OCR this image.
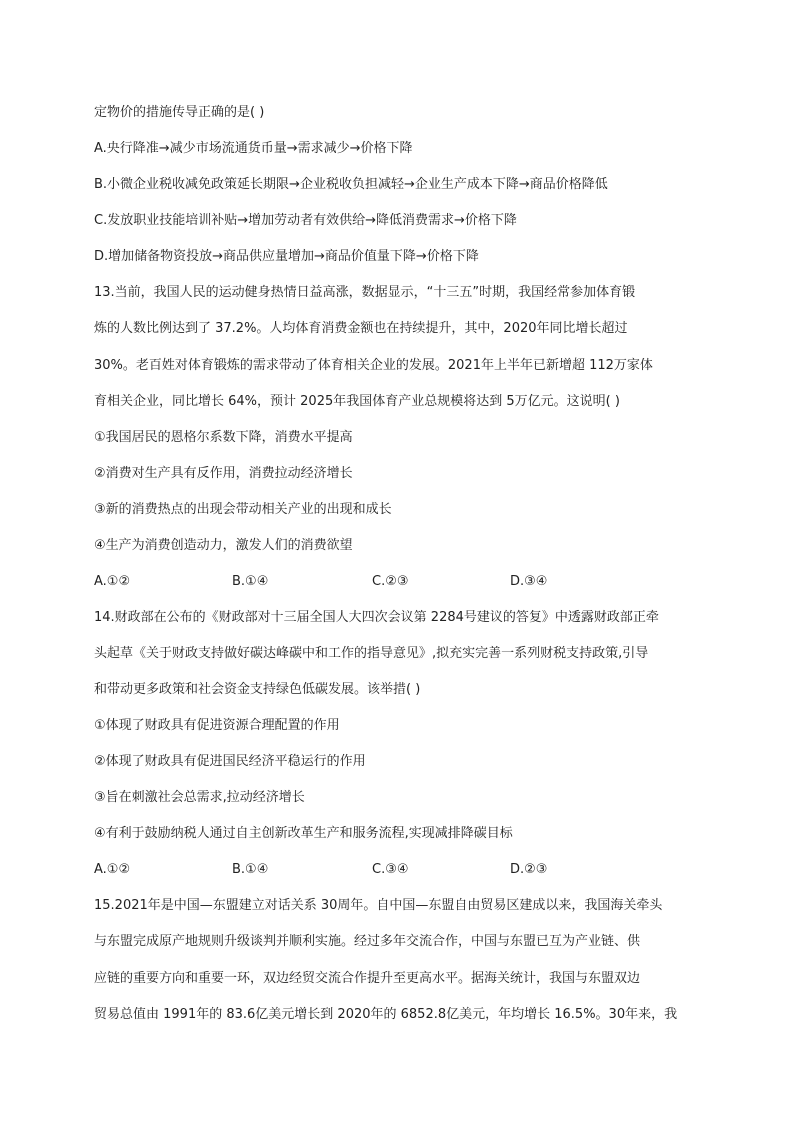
定物价的措施传导正确的是( )
A.央行降准→减少市场流通货币量→需求减少→价格下降
B.小微企业税收减免政策延长期限→企业税收负担减轻→企业生产成本下降→商品价格降低
C.发放职业技能培训补贴→增加劳动者有效供给→降低消费需求→价格下降
D.增加储备物资投放→商品供应量增加→商品价值量下降→价格下降
13.当前，我国人民的运动健身热情日益高涨，数据显示，“十三五”时期，我国经常参加体育锻
炼的人数比例达到了 37.2%。人均体育消费金额也在持续提升，其中，2020年同比增长超过
30%。老百姓对体育锻炼的需求带动了体育相关企业的发展。2021年上半年已新增超 112万家体
育相关企业，同比增长 64%，预计 2025年我国体育产业总规模将达到 5万亿元。这说明( )
①我国居民的恩格尔系数下降，消费水平提高
②消费对生产具有反作用，消费拉动经济增长
③新的消费热点的出现会带动相关产业的出现和成长
④生产为消费创造动力，激发人们的消费欲望
A.①②	B.①④	C.②③	D.③④
14.财政部在公布的《财政部对十三届全国人大四次会议第 2284号建议的答复》中透露财政部正牵
头起草《关于财政支持做好碳达峰碳中和工作的指导意见》,拟充实完善一系列财税支持政策,引导
和带动更多政策和社会资金支持绿色低碳发展。该举措( )
①体现了财政具有促进资源合理配置的作用
②体现了财政具有促进国民经济平稳运行的作用
③旨在刺激社会总需求,拉动经济增长
④有利于鼓励纳税人通过自主创新改革生产和服务流程,实现减排降碳目标
A.①②	B.①④	C.③④	D.②③
15.2021年是中国—东盟建立对话关系 30周年。自中国—东盟自由贸易区建成以来，我国海关牵头
与东盟完成原产地规则升级谈判并顺利实施。经过多年交流合作，中国与东盟已互为产业链、供
应链的重要方向和重要一环，双边经贸交流合作提升至更高水平。据海关统计，我国与东盟双边
贸易总值由 1991年的 83.6亿美元增长到 2020年的 6852.8亿美元，年均增长 16.5%。30年来，我
